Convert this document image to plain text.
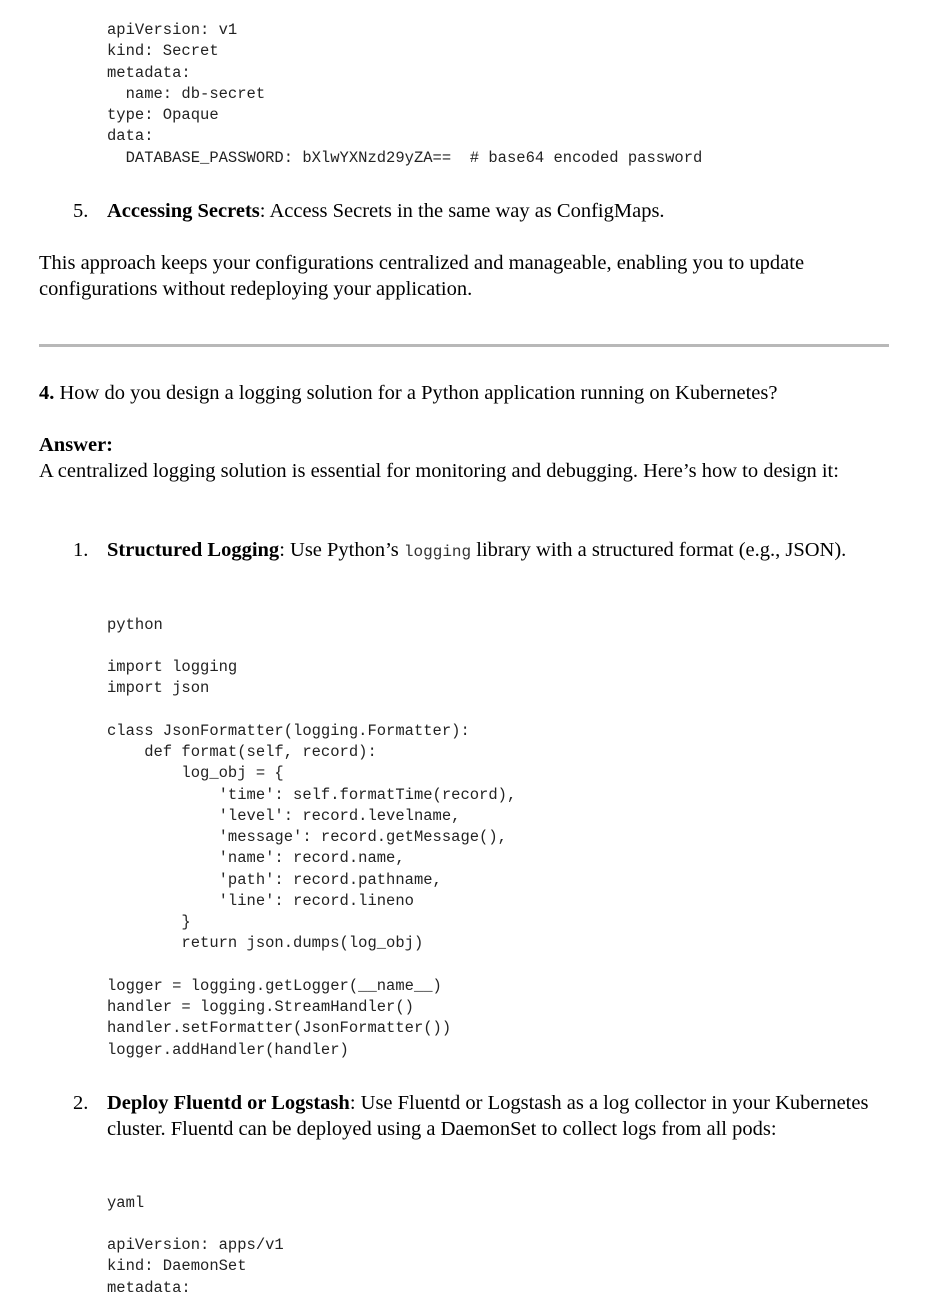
apiVersion: v1
kind: Secret
metadata:
name: db-secret
type: Opaque
data:
DATABASE_PASSWORD: bXlwYXNzd29yZA==  # base64 encoded password
5. Accessing Secrets: Access Secrets in the same way as ConfigMaps.

This approach keeps your configurations centralized and manageable, enabling you to update configurations without redeploying your application.

4. How do you design a logging solution for a Python application running on Kubernetes?

Answer:

A centralized logging solution is essential for monitoring and debugging. Here’s how to design it:

1. Structured Logging: Use Python’s logging library with a structured format (e.g., JSON).
python
import logging
import json

class JsonFormatter(logging.Formatter):
def format(self, record):
log_obj = {
'time': self.formatTime(record),
'level': record.levelname,
'message': record.getMessage(),
'name': record.name,
'path': record.pathname,
'line': record.lineno
}
return json.dumps(log_obj)

logger = logging.getLogger(__name__)
handler = logging.StreamHandler()
handler.setFormatter(JsonFormatter())
logger.addHandler(handler)
2. Deploy Fluentd or Logstash: Use Fluentd or Logstash as a log collector in your Kubernetes cluster. Fluentd can be deployed using a DaemonSet to collect logs from all pods:
yaml
apiVersion: apps/v1
kind: DaemonSet
metadata:
